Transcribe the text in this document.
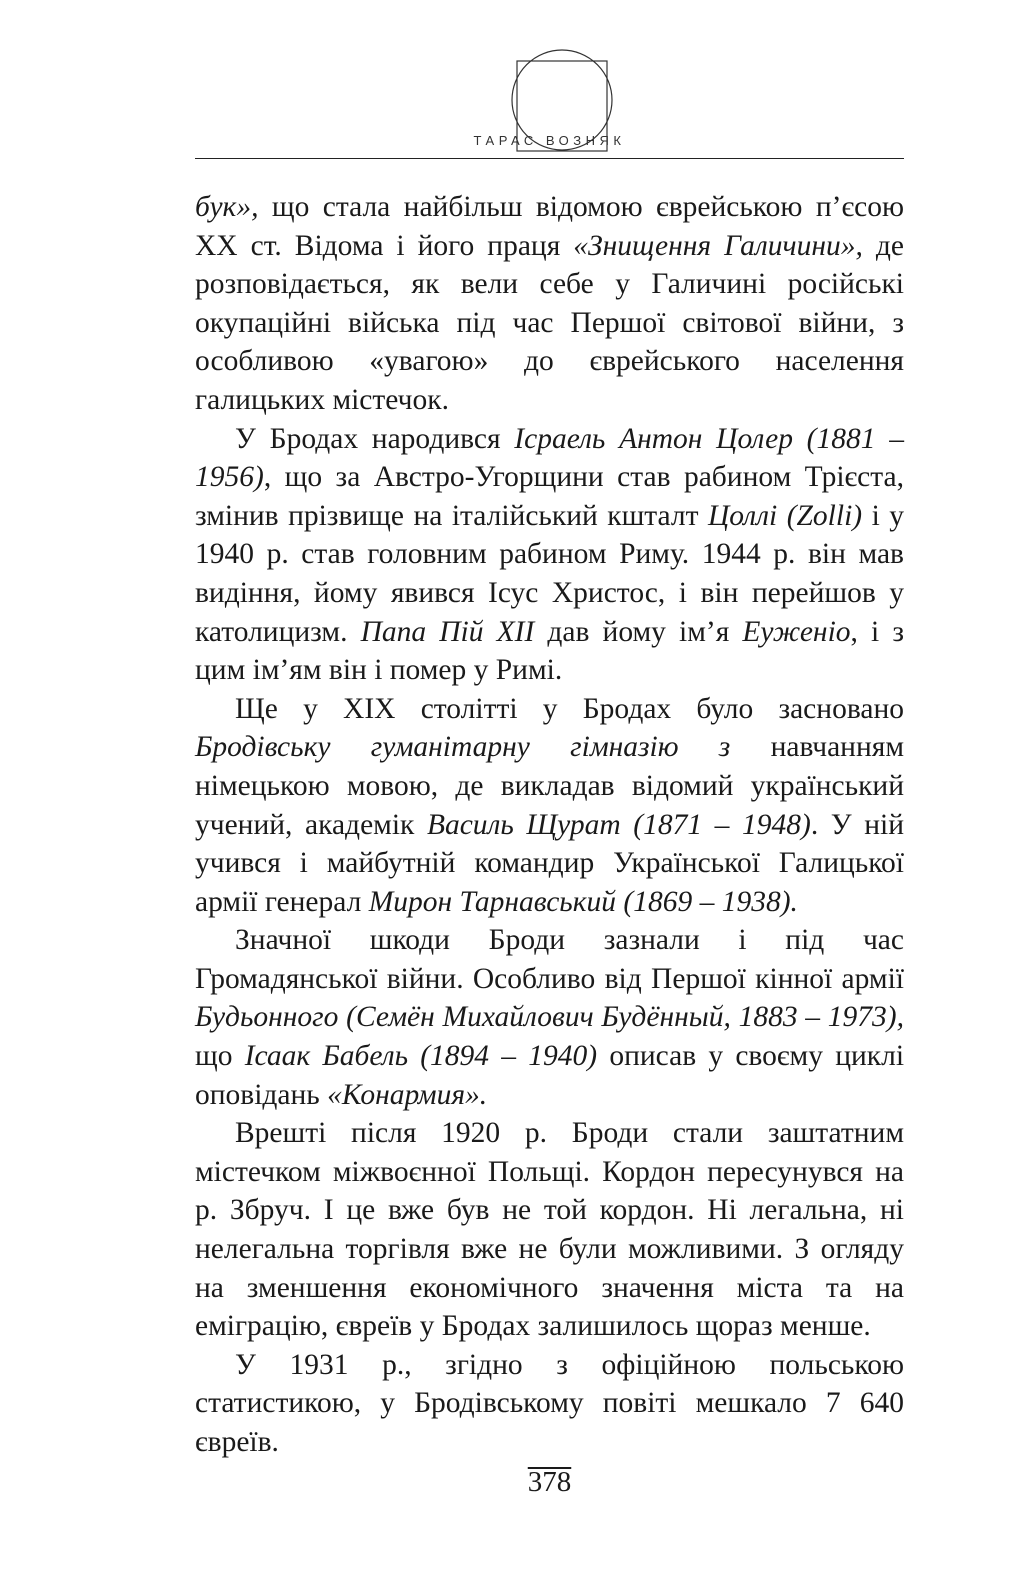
ТАРАС ВОЗНЯК

бук», що стала найбільш відомою єврейською п’єсою XX ст. Відома і його праця «Знищення Галичини», де розповідається, як вели себе у Галичині російські окупаційні війська під час Першої світової війни, з особливою «увагою» до єврейського населення галицьких містечок.

У Бродах народився Ісраель Антон Цолер (1881 – 1956), що за Австро-Угорщини став рабином Трієста, змінив прізвище на італійський кшталт Цоллі (Zolli) і у 1940 р. став головним рабином Риму. 1944 р. він мав видіння, йому явився Ісус Христос, і він перейшов у католицизм. Папа Пій XII дав йому ім’я Еуженіо, і з цим ім’ям він і помер у Римі.

Ще у XIX столітті у Бродах було засновано Бродівську гуманітарну гімназію з навчанням німецькою мовою, де викладав відомий український учений, академік Василь Щурат (1871 – 1948). У ній учився і майбутній командир Української Галицької армії генерал Мирон Тарнавський (1869 – 1938).

Значної шкоди Броди зазнали і під час Громадянської війни. Особливо від Першої кінної армії Будьонного (Семён Михайлович Будённый, 1883 – 1973), що Ісаак Бабель (1894 – 1940) описав у своєму циклі оповідань «Конармия».

Врешті після 1920 р. Броди стали заштатним містечком міжвоєнної Польщі. Кордон пересунувся на р. Збруч. І це вже був не той кордон. Ні легальна, ні нелегальна торгівля вже не були можливими. З огляду на зменшення економічного значення міста та на еміграцію, євреїв у Бродах залишилось щораз менше.

У 1931 р., згідно з офіційною польською статистикою, у Бродівському повіті мешкало 7 640 євреїв.

378
